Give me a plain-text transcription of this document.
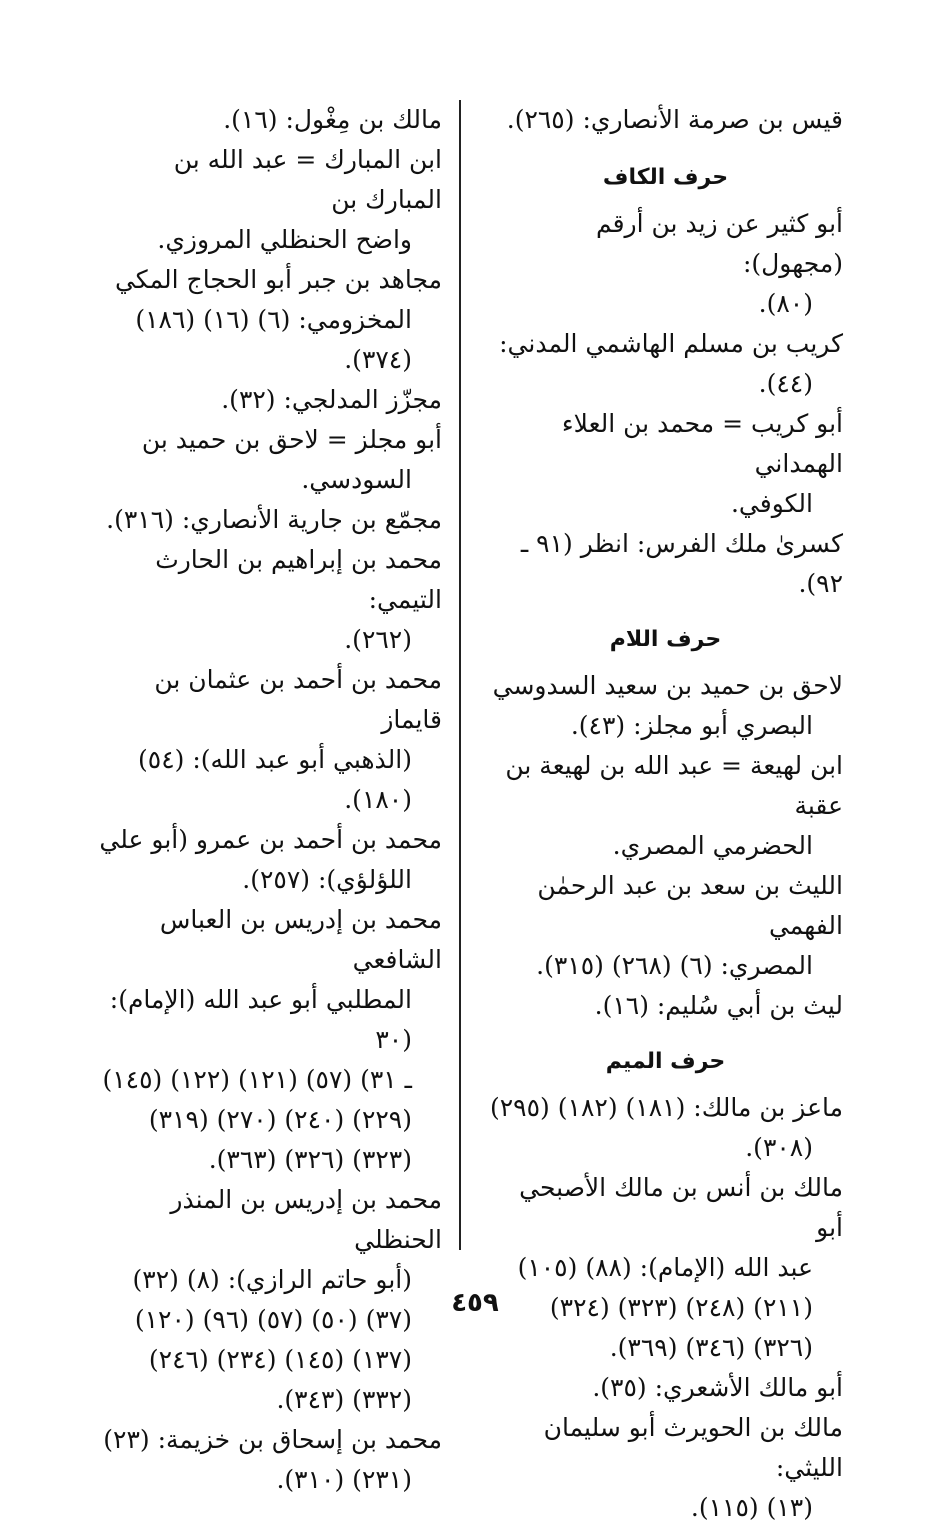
قيس بن صرمة الأنصاري: (٢٦٥).
حرف الكاف
أبو كثير عن زيد بن أرقم (مجهول):
(٨٠).
كريب بن مسلم الهاشمي المدني:
(٤٤).
أبو كريب = محمد بن العلاء الهمداني
الكوفي.
كسرىٰ ملك الفرس: انظر (٩١ ـ ٩٢).
حرف اللام
لاحق بن حميد بن سعيد السدوسي
البصري أبو مجلز: (٤٣).
ابن لهيعة = عبد الله بن لهيعة بن عقبة
الحضرمي المصري.
الليث بن سعد بن عبد الرحمٰن الفهمي
المصري: (٦) (٢٦٨) (٣١٥).
ليث بن أبي سُليم: (١٦).
حرف الميم
ماعز بن مالك: (١٨١) (١٨٢) (٢٩٥)
(٣٠٨).
مالك بن أنس بن مالك الأصبحي أبو
عبد الله (الإمام): (٨٨) (١٠٥)
(٢١١) (٢٤٨) (٣٢٣) (٣٢٤)
(٣٢٦) (٣٤٦) (٣٦٩).
أبو مالك الأشعري: (٣٥).
مالك بن الحويرث أبو سليمان الليثي:
(١٣) (١١٥).
مالك بن مِغْول: (١٦).
ابن المبارك = عبد الله بن المبارك بن
واضح الحنظلي المروزي.
مجاهد بن جبر أبو الحجاج المكي
المخزومي: (٦) (١٦) (١٨٦)
(٣٧٤).
مجزّز المدلجي: (٣٢).
أبو مجلز = لاحق بن حميد بن
السودسي.
مجمّع بن جارية الأنصاري: (٣١٦).
محمد بن إبراهيم بن الحارث التيمي:
(٢٦٢).
محمد بن أحمد بن عثمان بن قايماز
(الذهبي أبو عبد الله): (٥٤)
(١٨٠).
محمد بن أحمد بن عمرو (أبو علي
اللؤلؤي): (٢٥٧).
محمد بن إدريس بن العباس الشافعي
المطلبي أبو عبد الله (الإمام): (٣٠
ـ ٣١) (٥٧) (١٢١) (١٢٢) (١٤٥)
(٢٢٩) (٢٤٠) (٢٧٠) (٣١٩)
(٣٢٣) (٣٢٦) (٣٦٣).
محمد بن إدريس بن المنذر الحنظلي
(أبو حاتم الرازي): (٨) (٣٢)
(٣٧) (٥٠) (٥٧) (٩٦) (١٢٠)
(١٣٧) (١٤٥) (٢٣٤) (٢٤٦)
(٣٣٢) (٣٤٣).
محمد بن إسحاق بن خزيمة: (٢٣)
(٢٣١) (٣١٠).
٤٥٩
